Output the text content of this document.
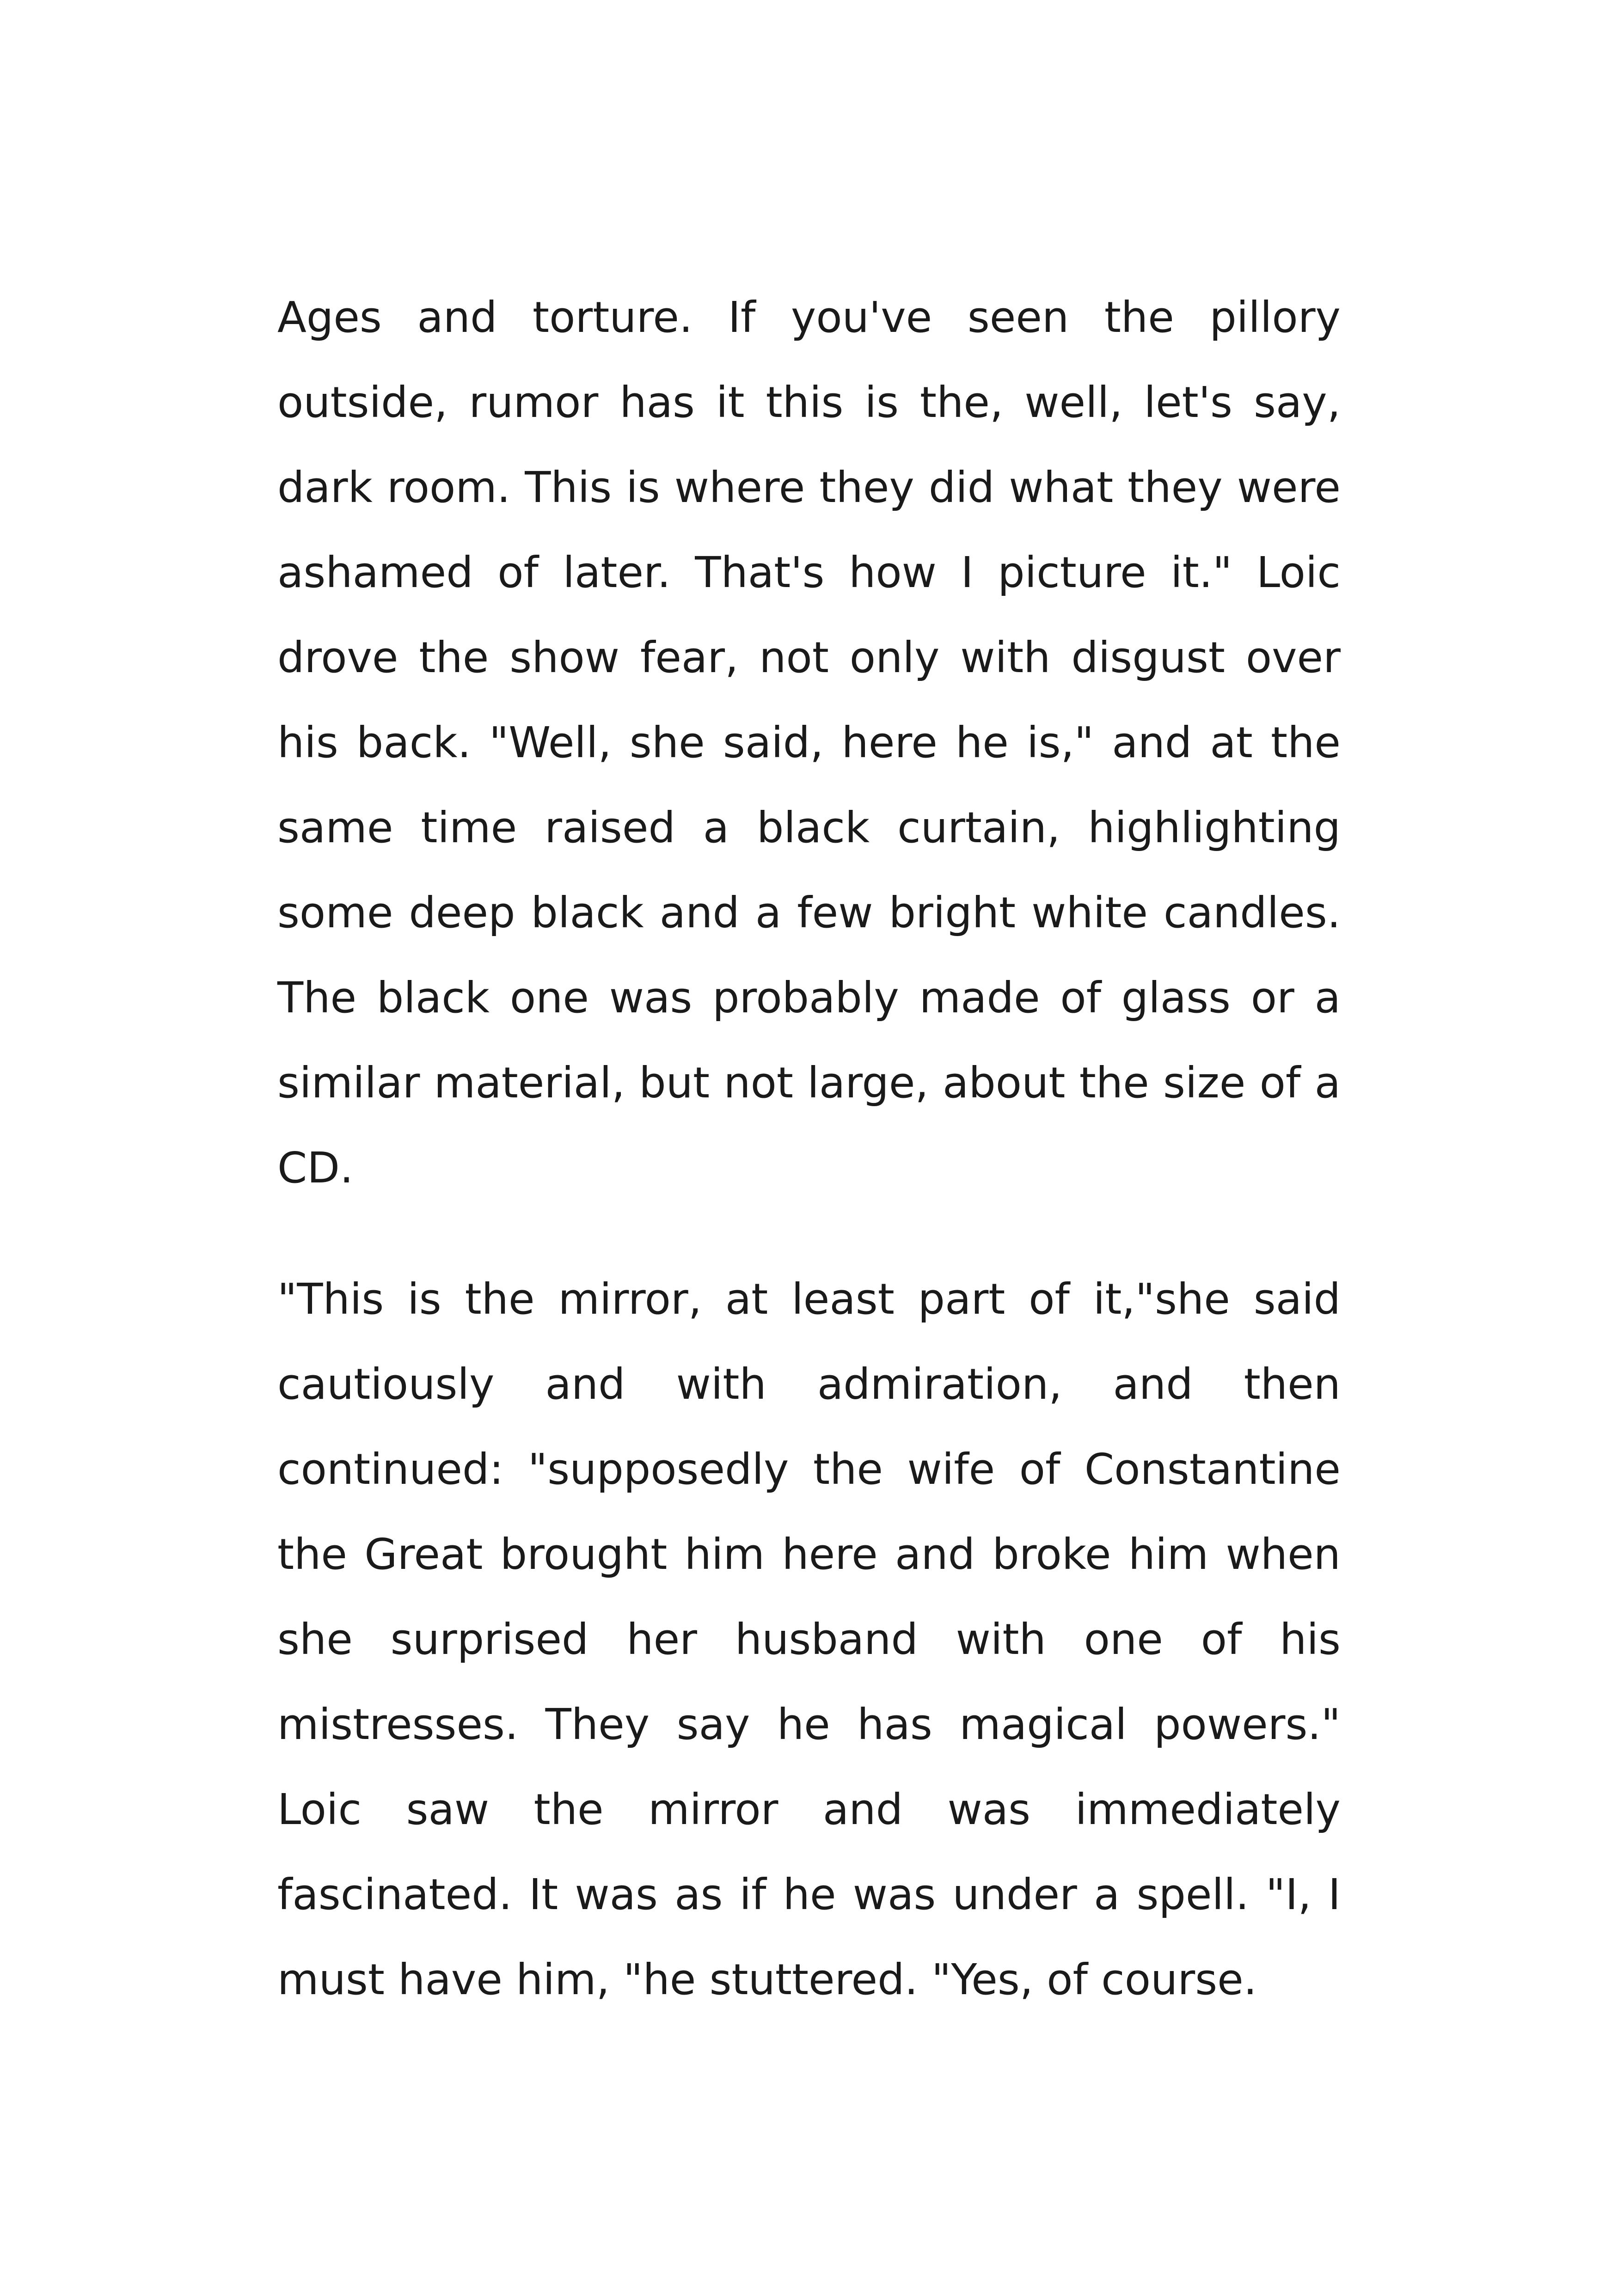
Ages and torture. If you've seen the pillory outside, rumor has it this is the, well, let's say, dark room. This is where they did what they were ashamed of later. That's how I picture it." Loic drove the show fear, not only with disgust over his back. "Well, she said, here he is," and at the same time raised a black curtain, highlighting some deep black and a few bright white candles. The black one was probably made of glass or a similar material, but not large, about the size of a CD.

"This is the mirror, at least part of it,"she said cautiously and with admiration, and then continued: "supposedly the wife of Constantine the Great brought him here and broke him when she surprised her husband with one of his mistresses. They say he has magical powers." Loic saw the mirror and was immediately fascinated. It was as if he was under a spell. "I, I must have him, "he stuttered. "Yes, of course.
